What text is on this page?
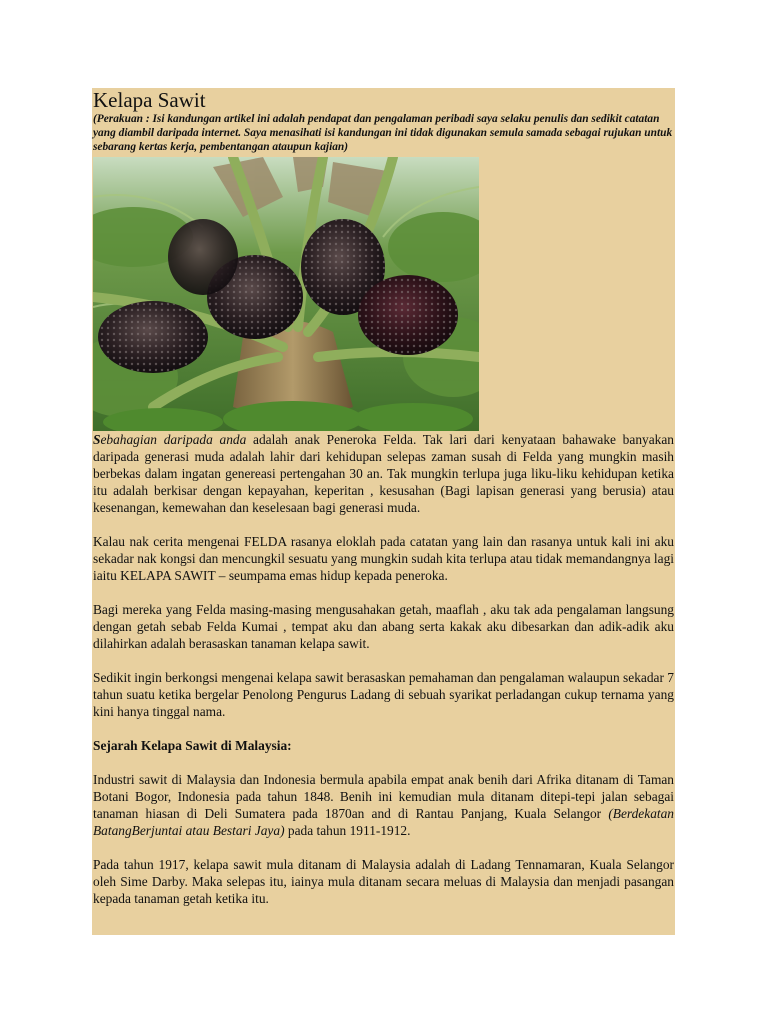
Kelapa Sawit
(Perakuan : Isi kandungan artikel ini adalah pendapat dan pengalaman peribadi saya selaku penulis dan sedikit catatan yang diambil daripada internet. Saya menasihati isi kandungan ini tidak digunakan semula samada sebagai rujukan untuk sebarang kertas kerja, pembentangan ataupun kajian)

Sebahagian daripada anda adalah anak Peneroka Felda. Tak lari dari kenyataan bahawake banyakan daripada generasi muda adalah lahir dari kehidupan selepas zaman susah di Felda yang mungkin masih berbekas dalam ingatan genereasi pertengahan 30 an. Tak mungkin terlupa juga liku-liku kehidupan ketika itu adalah berkisar dengan kepayahan, keperitan , kesusahan (Bagi lapisan generasi yang berusia) atau kesenangan, kemewahan dan keselesaan bagi generasi muda.

Kalau nak cerita mengenai FELDA rasanya eloklah pada catatan yang lain dan rasanya untuk kali ini aku sekadar nak kongsi dan mencungkil sesuatu yang mungkin sudah kita terlupa atau tidak memandangnya lagi iaitu KELAPA SAWIT – seumpama emas hidup kepada peneroka.

Bagi mereka yang Felda masing-masing mengusahakan getah, maaflah , aku tak ada pengalaman langsung dengan getah sebab Felda Kumai , tempat aku dan abang serta kakak aku dibesarkan dan adik-adik aku dilahirkan adalah berasaskan tanaman kelapa sawit.

Sedikit ingin berkongsi mengenai kelapa sawit berasaskan pemahaman dan pengalaman walaupun sekadar 7 tahun suatu ketika bergelar Penolong Pengurus Ladang di sebuah syarikat perladangan cukup ternama yang kini hanya tinggal nama.

Sejarah Kelapa Sawit di Malaysia:

Industri sawit di Malaysia dan Indonesia bermula apabila empat anak benih dari Afrika ditanam di Taman Botani Bogor, Indonesia pada tahun 1848. Benih ini kemudian mula ditanam ditepi-tepi jalan sebagai tanaman hiasan di Deli Sumatera pada 1870an and di Rantau Panjang, Kuala Selangor (Berdekatan BatangBerjuntai atau Bestari Jaya) pada tahun 1911-1912.

Pada tahun 1917, kelapa sawit mula ditanam di Malaysia adalah di Ladang Tennamaran, Kuala Selangor oleh Sime Darby. Maka selepas itu, iainya mula ditanam secara meluas di Malaysia dan menjadi pasangan kepada tanaman getah ketika itu.
